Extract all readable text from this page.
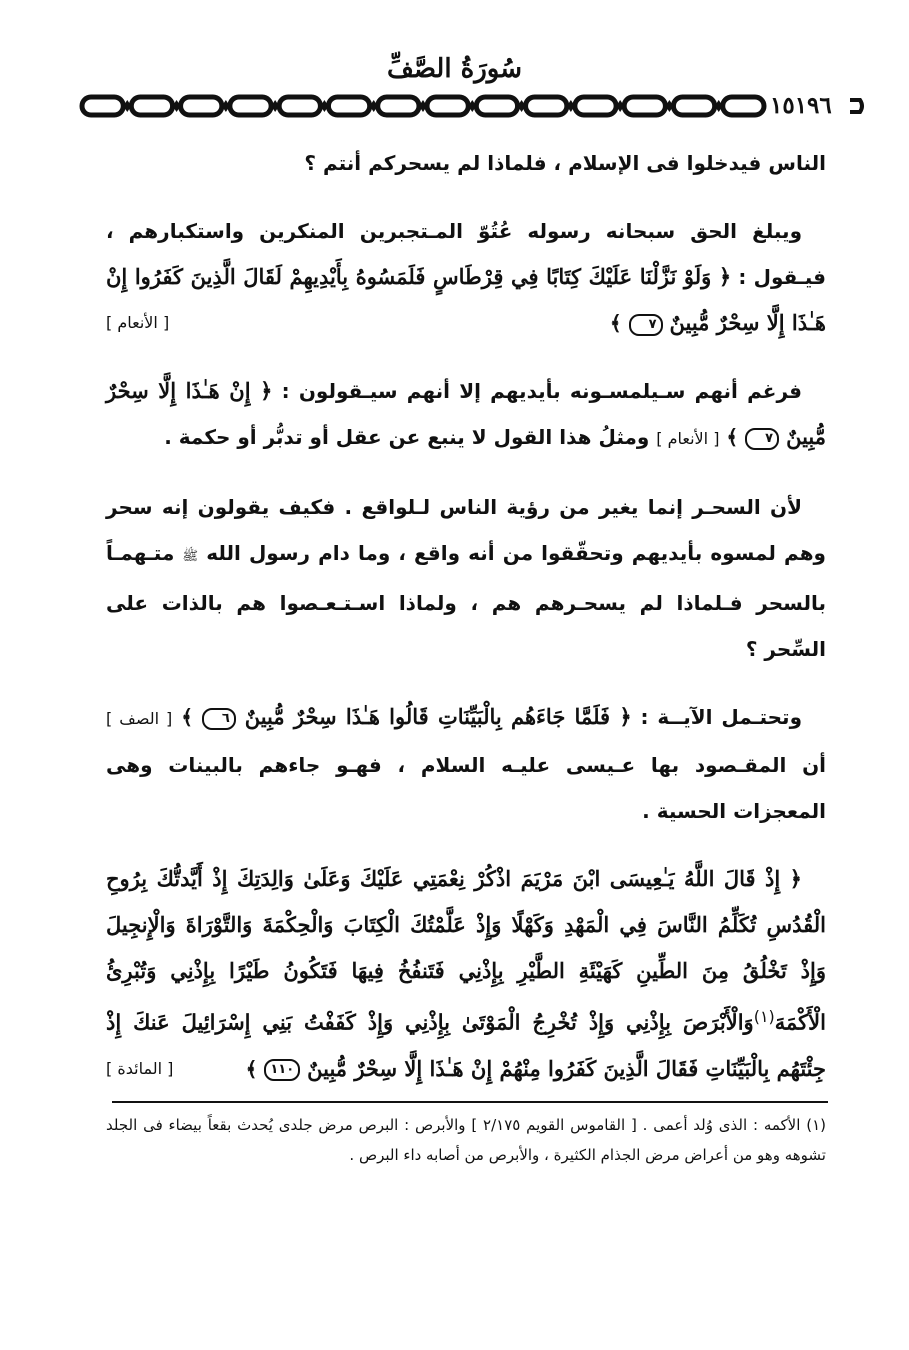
سُورَةُ الصَّفِّ
١٥١٩٦

الناس فيدخلوا فى الإسلام ، فلماذا لم يسحركم أنتم ؟

ويبلغ الحق سبحانه رسوله عُتُوّ المـتجبرين المنكرين واستكبارهم ، فيـقول : ﴿ وَلَوْ نَزَّلْنَا عَلَيْكَ كِتَابًا فِي قِرْطَاسٍ فَلَمَسُوهُ بِأَيْدِيهِمْ لَقَالَ الَّذِينَ كَفَرُوا إِنْ هَـٰذَا إِلَّا سِحْرٌ مُّبِينٌ ٧ ﴾
[ الأنعام ]

فرغم أنهم سـيلمسـونه بأيديهم إلا أنهم سيـقولون : ﴿ إِنْ هَـٰذَا إِلَّا سِحْرٌ مُّبِينٌ ٧ ﴾ [ الأنعام ] ومثلُ هذا القول لا ينبع عن عقل أو تدبُّر أو حكمة .

لأن السحـر إنما يغير من رؤية الناس لـلواقع . فكيف يقولون إنه سحر وهم لمسوه بأيديهم وتحقّقوا من أنه واقع ، وما دام رسول الله ﷺ متـهمـاً بالسحر فـلماذا لم يسحـرهم هم ، ولماذا اسـتـعـصوا هم بالذات على السِّحر ؟

وتحتـمل الآيــة : ﴿ فَلَمَّا جَاءَهُم بِالْبَيِّنَاتِ قَالُوا هَـٰذَا سِحْرٌ مُّبِينٌ ٦ ﴾ [ الصف ] أن المقـصود بها عـيسى عليـه السلام ، فهـو جاءهم بالبينات وهى المعجزات الحسية .

﴿ إِذْ قَالَ اللَّهُ يَـٰعِيسَى ابْنَ مَرْيَمَ اذْكُرْ نِعْمَتِي عَلَيْكَ وَعَلَىٰ وَالِدَتِكَ إِذْ أَيَّدتُّكَ بِرُوحِ الْقُدُسِ تُكَلِّمُ النَّاسَ فِي الْمَهْدِ وَكَهْلًا وَإِذْ عَلَّمْتُكَ الْكِتَابَ وَالْحِكْمَةَ وَالتَّوْرَاةَ وَالْإِنجِيلَ وَإِذْ تَخْلُقُ مِنَ الطِّينِ كَهَيْئَةِ الطَّيْرِ بِإِذْنِي فَتَنفُخُ فِيهَا فَتَكُونُ طَيْرًا بِإِذْنِي وَتُبْرِئُ الْأَكْمَهَ$^{(١)}$وَالْأَبْرَصَ بِإِذْنِي وَإِذْ تُخْرِجُ الْمَوْتَىٰ بِإِذْنِي وَإِذْ كَفَفْتُ بَنِي إِسْرَائِيلَ عَنكَ إِذْ جِئْتَهُم بِالْبَيِّنَاتِ فَقَالَ الَّذِينَ كَفَرُوا مِنْهُمْ إِنْ هَـٰذَا إِلَّا سِحْرٌ مُّبِينٌ ١١٠ ﴾
[ المائدة ]

(١) الأكمه : الذى وُلد أعمى . [ القاموس القويم ٢/١٧٥ ] والأبرص : البرص مرض جلدى يُحدث بقعاً بيضاء فى الجلد تشوهه وهو من أعراض مرض الجذام الكثيرة ، والأبرص من أصابه داء البرص .
